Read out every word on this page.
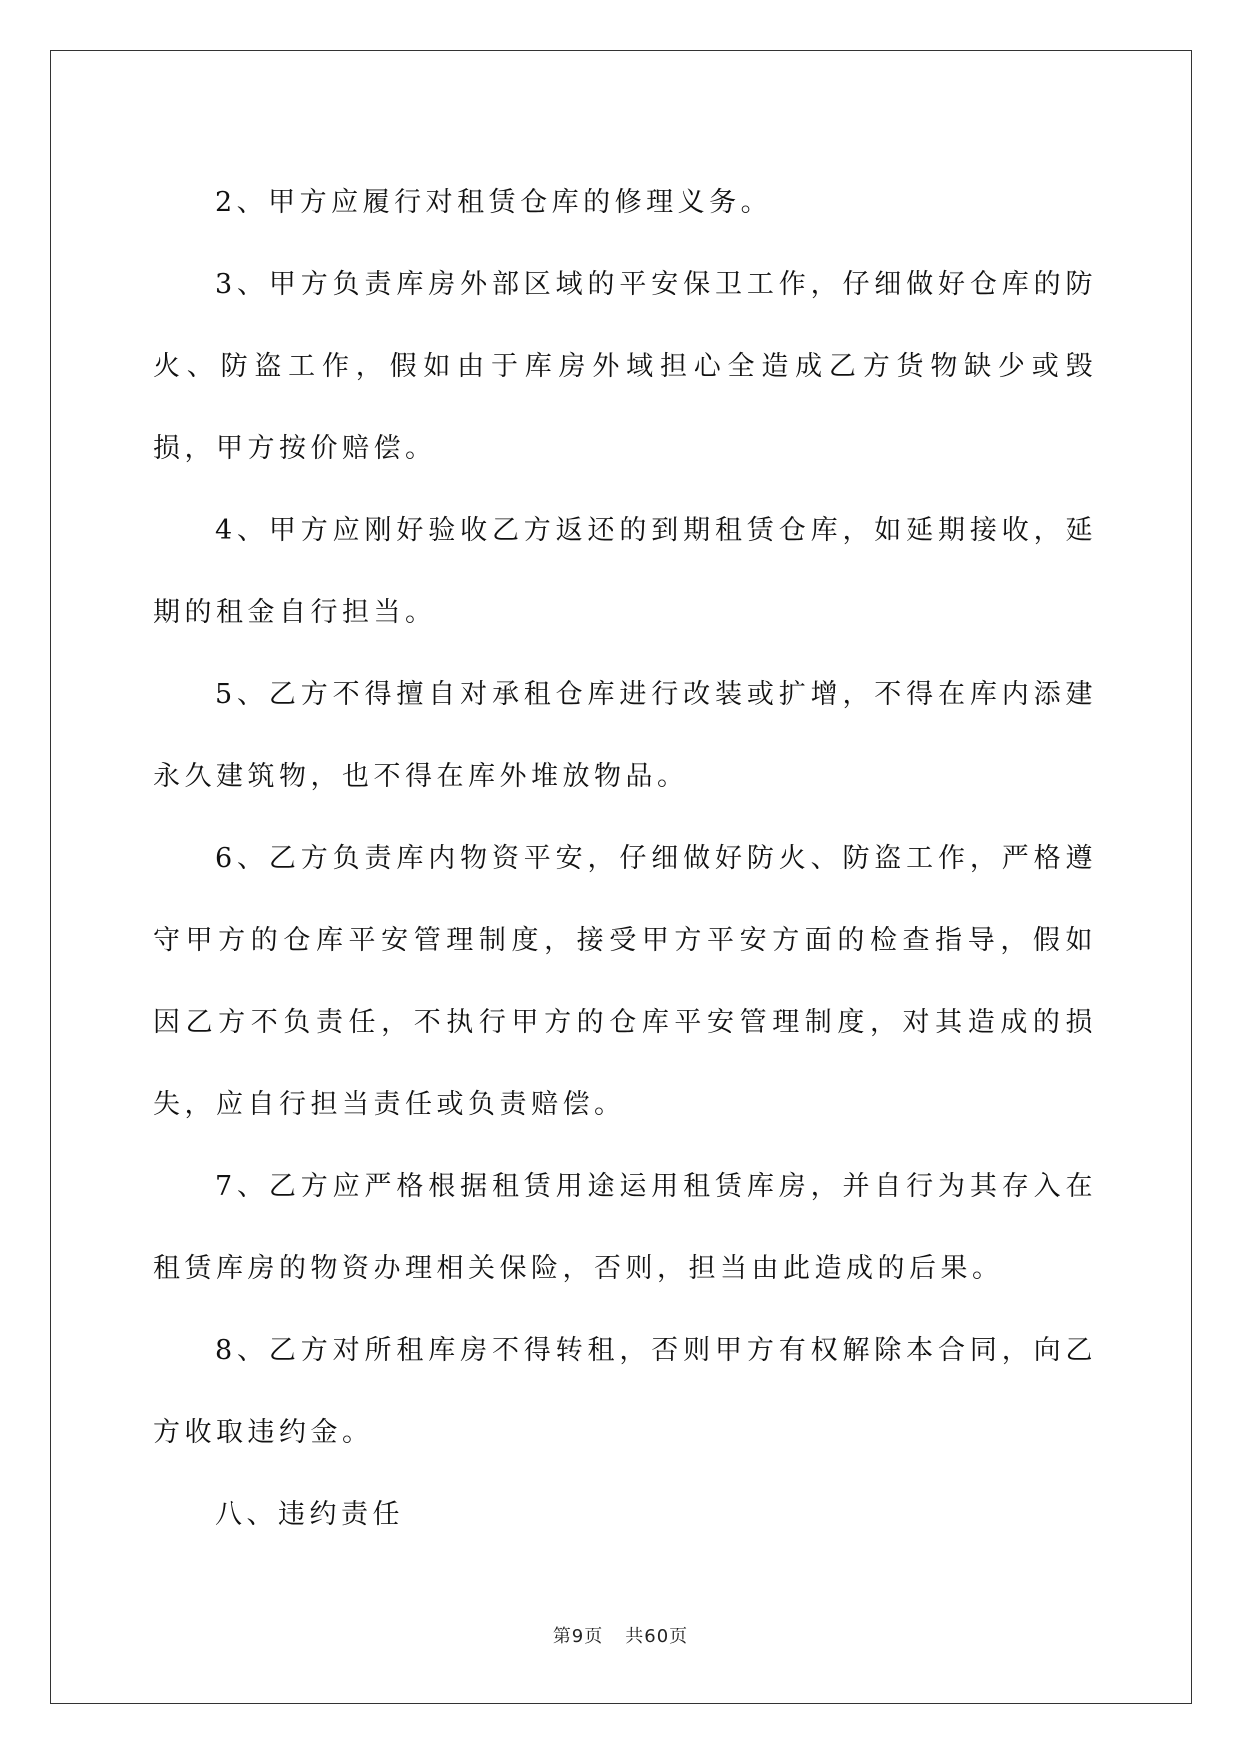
2、甲方应履行对租赁仓库的修理义务。

3、甲方负责库房外部区域的平安保卫工作，仔细做好仓库的防火、防盗工作，假如由于库房外域担心全造成乙方货物缺少或毁损，甲方按价赔偿。

4、甲方应刚好验收乙方返还的到期租赁仓库，如延期接收，延期的租金自行担当。

5、乙方不得擅自对承租仓库进行改装或扩增，不得在库内添建永久建筑物，也不得在库外堆放物品。

6、乙方负责库内物资平安，仔细做好防火、防盗工作，严格遵守甲方的仓库平安管理制度，接受甲方平安方面的检查指导，假如因乙方不负责任，不执行甲方的仓库平安管理制度，对其造成的损失，应自行担当责任或负责赔偿。

7、乙方应严格根据租赁用途运用租赁库房，并自行为其存入在租赁库房的物资办理相关保险，否则，担当由此造成的后果。

8、乙方对所租库房不得转租，否则甲方有权解除本合同，向乙方收取违约金。

八、违约责任

第9页 共60页
